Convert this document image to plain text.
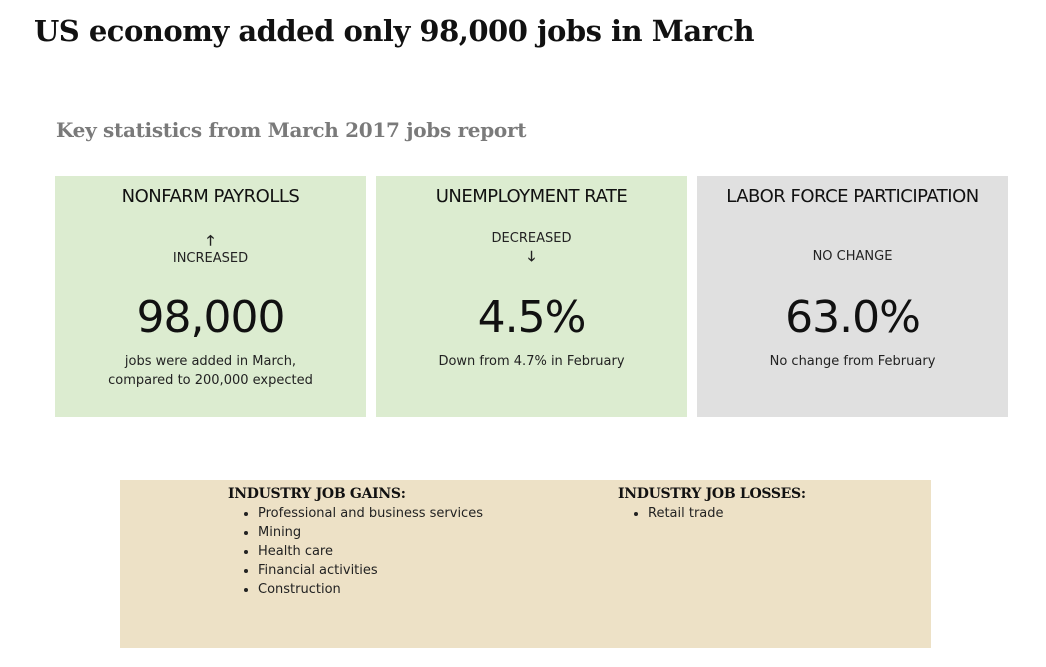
US economy added only 98,000 jobs in March
Key statistics from March 2017 jobs report
NONFARM PAYROLLS
🡑
INCREASED
98,000
jobs were added in March,
compared to 200,000 expected
UNEMPLOYMENT RATE
DECREASED
🡓
4.5%
Down from 4.7% in February
LABOR FORCE PARTICIPATION
NO CHANGE
63.0%
No change from February
INDUSTRY JOB GAINS:
• Professional and business services
• Mining
• Health care
• Financial activities
• Construction
INDUSTRY JOB LOSSES:
• Retail trade
